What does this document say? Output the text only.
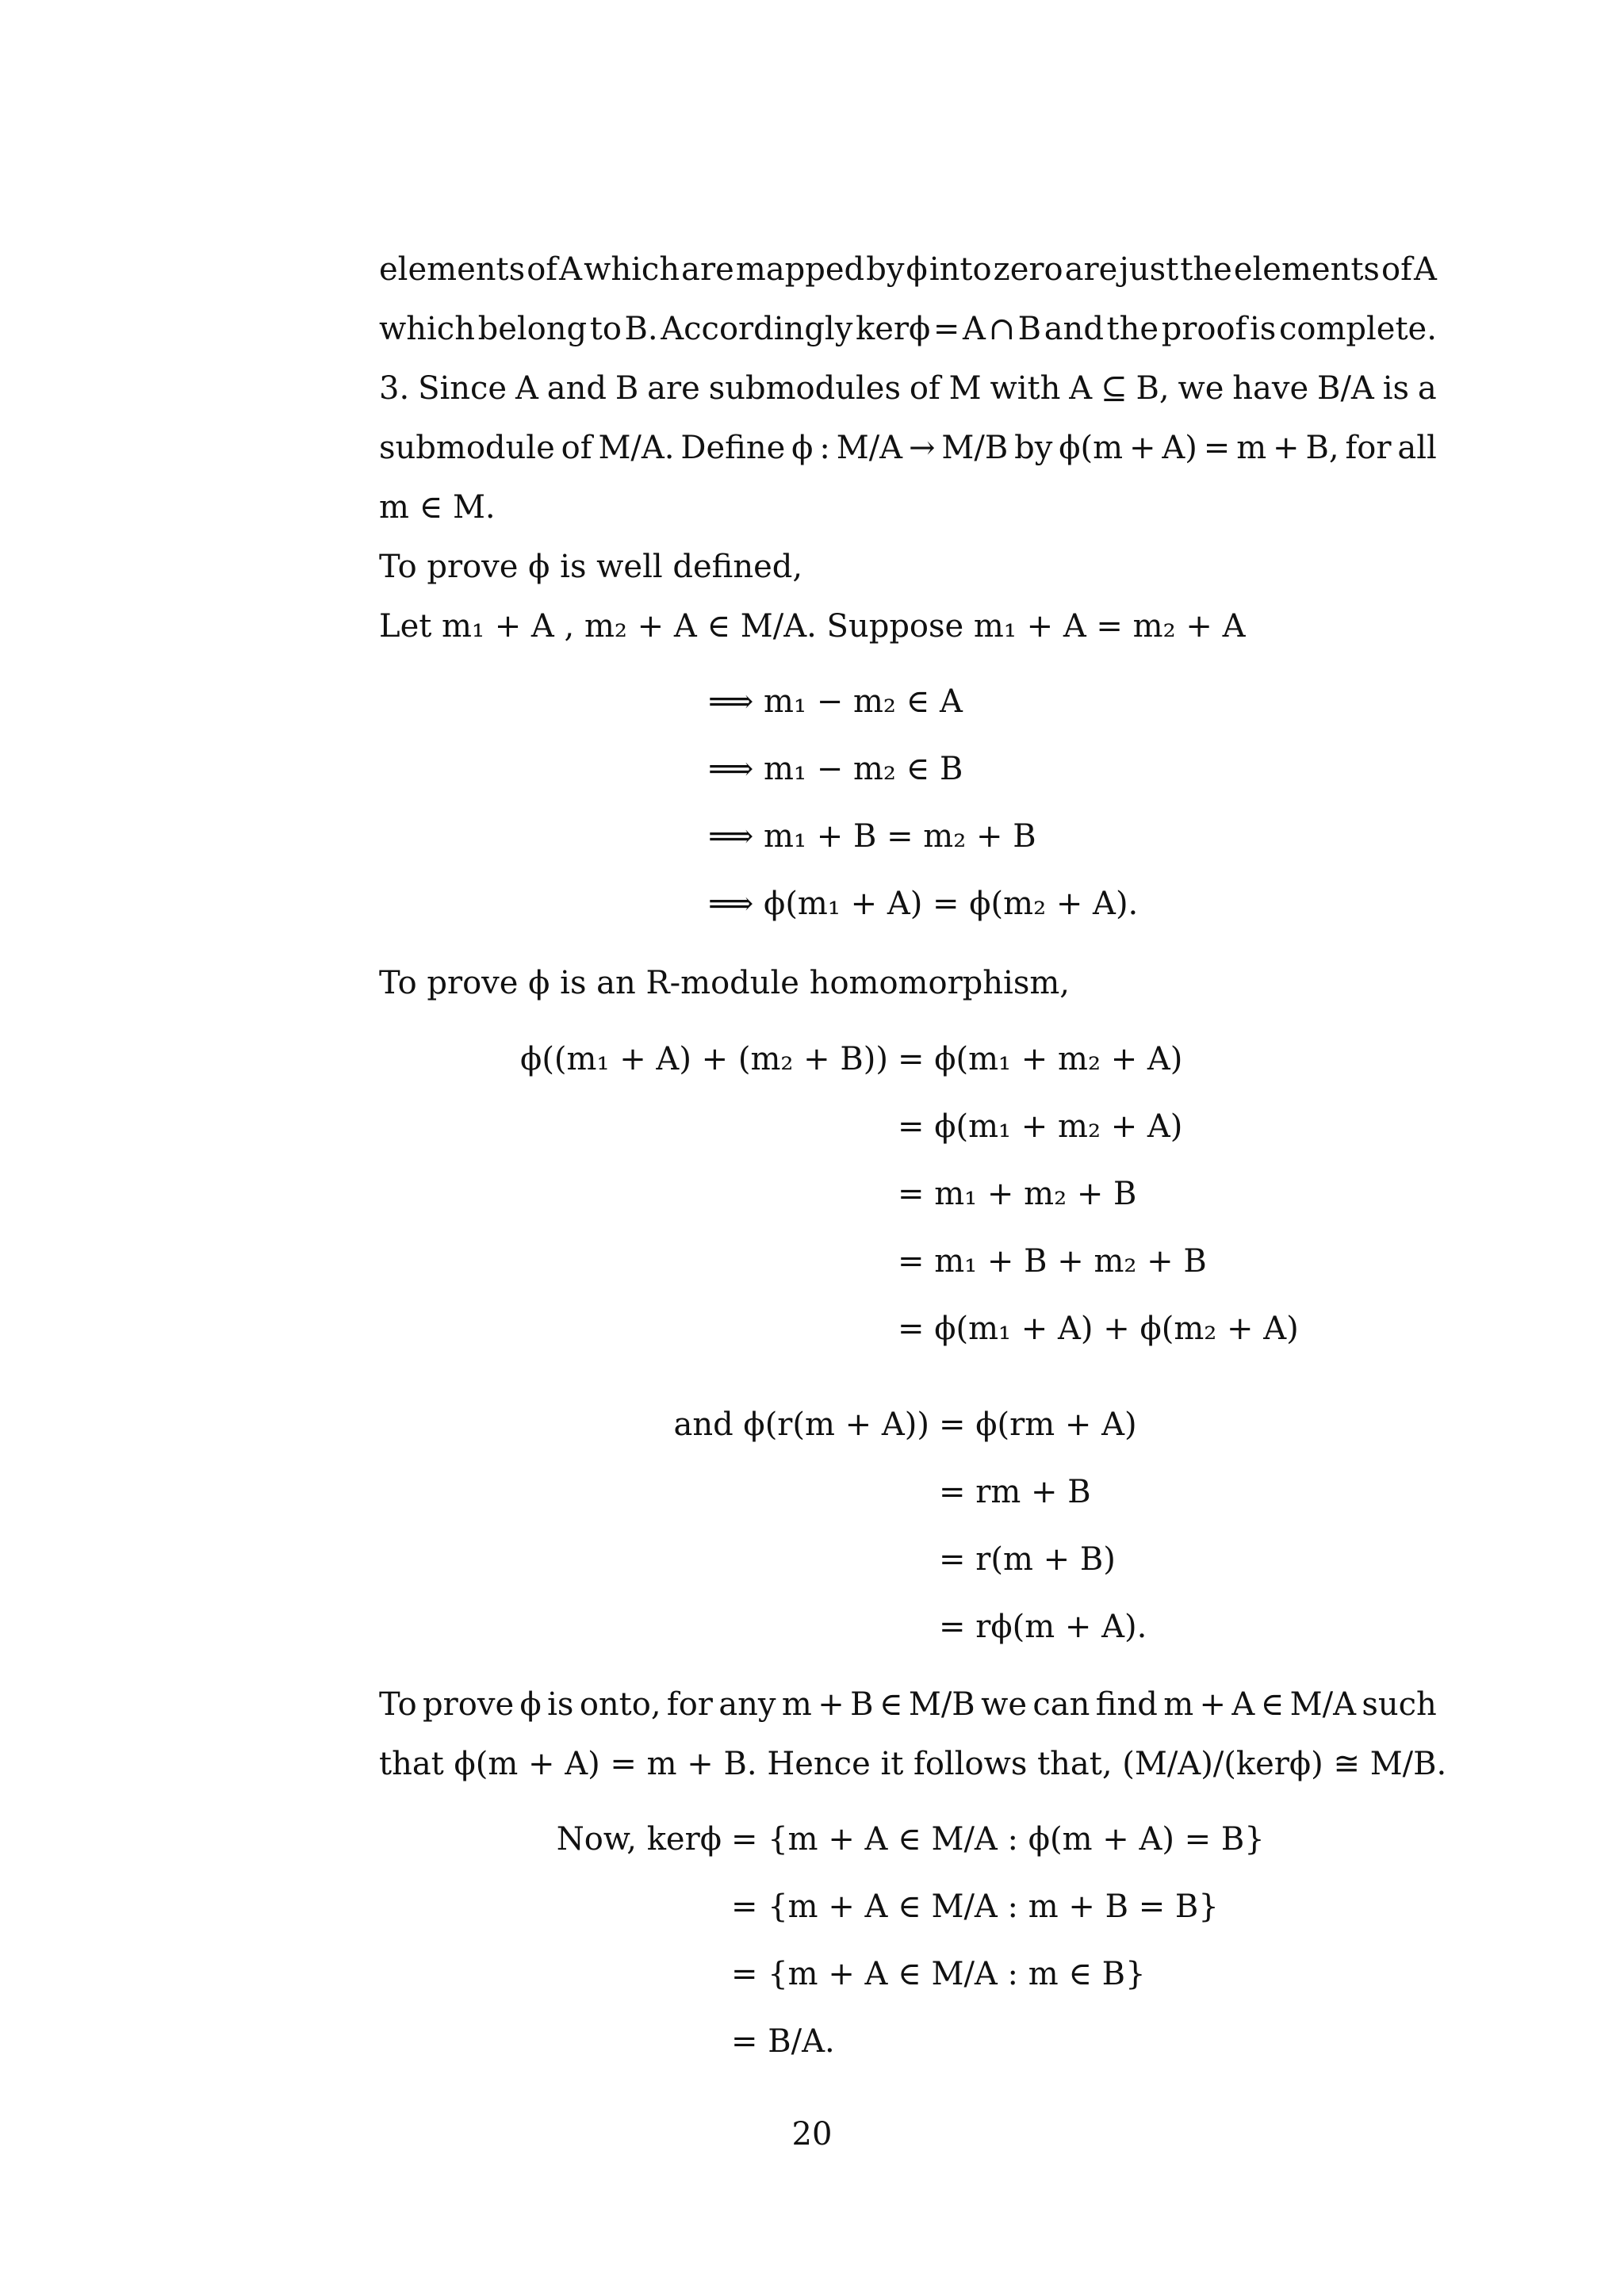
elements of A which are mapped by ϕ into zero are just the elements of A
which belong to B. Accordingly kerϕ = A ∩ B and the proof is complete.
3. Since A and B are submodules of M with A ⊆ B, we have B/A is a
submodule of M/A. Define ϕ : M/A → M/B by ϕ(m + A) = m + B, for all
m ∈ M.
To prove ϕ is well defined,
Let m₁ + A , m₂ + A ∈ M/A. Suppose m₁ + A = m₂ + A
⟹ m₁ − m₂ ∈ A
⟹ m₁ − m₂ ∈ B
⟹ m₁ + B = m₂ + B
⟹ ϕ(m₁ + A) = ϕ(m₂ + A).
To prove ϕ is an R-module homomorphism,
ϕ((m₁ + A) + (m₂ + B)) = ϕ(m₁ + m₂ + A)
= ϕ(m₁ + m₂ + A)
= m₁ + m₂ + B
= m₁ + B + m₂ + B
= ϕ(m₁ + A) + ϕ(m₂ + A)
and ϕ(r(m + A)) = ϕ(rm + A)
= rm + B
= r(m + B)
= rϕ(m + A).
To prove ϕ is onto, for any m + B ∈ M/B we can find m + A ∈ M/A such
that ϕ(m + A) = m + B. Hence it follows that, (M/A)/(kerϕ) ≅ M/B.
Now, kerϕ = {m + A ∈ M/A : ϕ(m + A) = B}
= {m + A ∈ M/A : m + B = B}
= {m + A ∈ M/A : m ∈ B}
= B/A.
20
